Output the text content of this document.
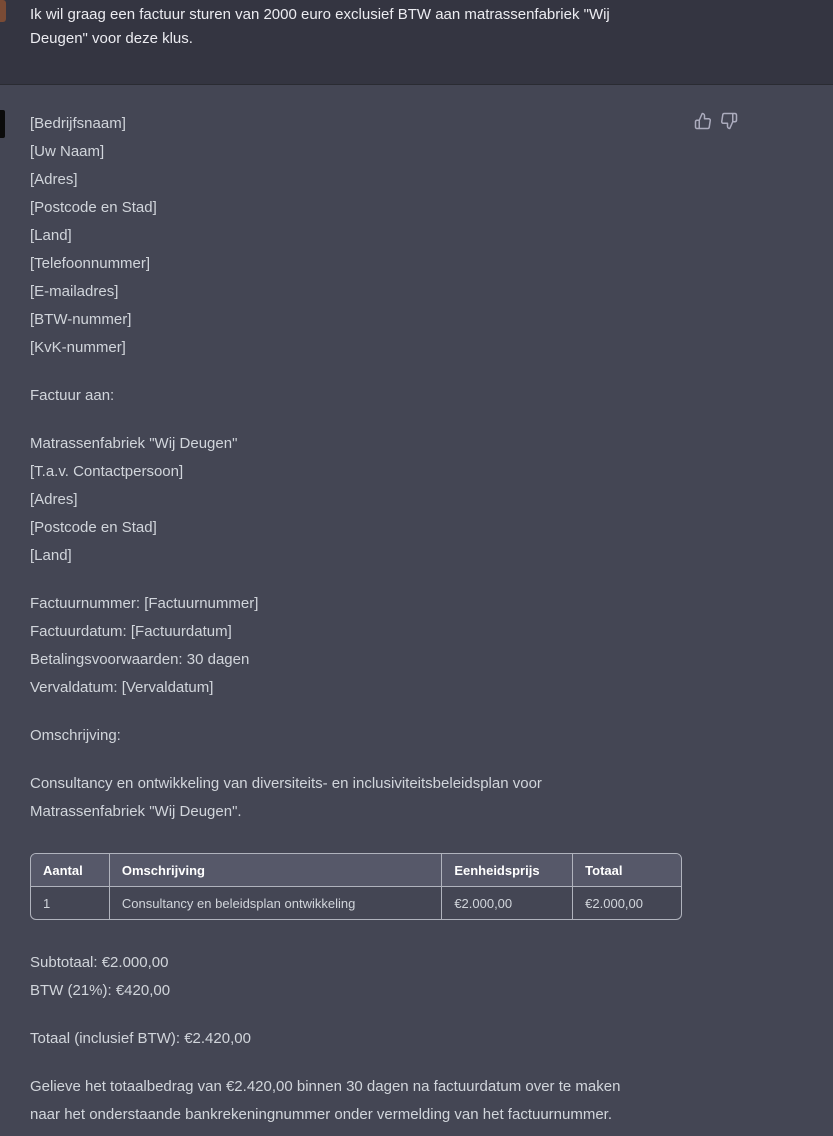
Ik wil graag een factuur sturen van 2000 euro exclusief BTW aan matrassenfabriek "Wij Deugen" voor deze klus.

[Bedrijfsnaam]

[Uw Naam]

[Adres]

[Postcode en Stad]

[Land]

[Telefoonnummer]

[E-mailadres]

[BTW-nummer]

[KvK-nummer]

Factuur aan:

Matrassenfabriek "Wij Deugen"

[T.a.v. Contactpersoon]

[Adres]

[Postcode en Stad]

[Land]

Factuurnummer: [Factuurnummer]

Factuurdatum: [Factuurdatum]

Betalingsvoorwaarden: 30 dagen

Vervaldatum: [Vervaldatum]

Omschrijving:

Consultancy en ontwikkeling van diversiteits- en inclusiviteitsbeleidsplan voor

Matrassenfabriek "Wij Deugen".

Aantal	Omschrijving	Eenheidsprijs	Totaal
1	Consultancy en beleidsplan ontwikkeling	€2.000,00	€2.000,00

Subtotaal: €2.000,00

BTW (21%): €420,00

Totaal (inclusief BTW): €2.420,00

Gelieve het totaalbedrag van €2.420,00 binnen 30 dagen na factuurdatum over te maken

naar het onderstaande bankrekeningnummer onder vermelding van het factuurnummer.
